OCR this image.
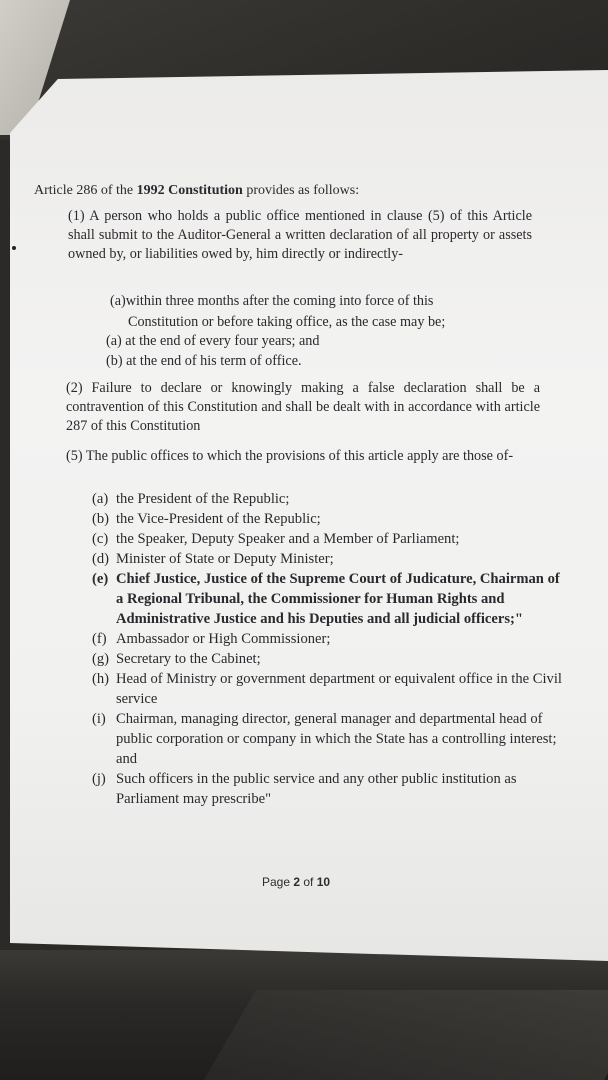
Article 286 of the 1992 Constitution provides as follows:

(1) A person who holds a public office mentioned in clause (5) of this Article shall submit to the Auditor-General a written declaration of all property or assets owned by, or liabilities owed by, him directly or indirectly-

(a)within three months after the coming into force of this
Constitution or before taking office, as the case may be;
(a) at the end of every four years; and
(b) at the end of his term of office.

(2) Failure to declare or knowingly making a false declaration shall be a contravention of this Constitution and shall be dealt with in accordance with article 287 of this Constitution

(5) The public offices to which the provisions of this article apply are those of-

(a) the President of the Republic;
(b) the Vice-President of the Republic;
(c) the Speaker, Deputy Speaker and a Member of Parliament;
(d) Minister of State or Deputy Minister;
(e) Chief Justice, Justice of the Supreme Court of Judicature, Chairman of a Regional Tribunal, the Commissioner for Human Rights and Administrative Justice and his Deputies and all judicial officers;"
(f) Ambassador or High Commissioner;
(g) Secretary to the Cabinet;
(h) Head of Ministry or government department or equivalent office in the Civil service
(i) Chairman, managing director, general manager and departmental head of public corporation or company in which the State has a controlling interest; and
(j) Such officers in the public service and any other public institution as Parliament may prescribe"
Page 2 of 10
